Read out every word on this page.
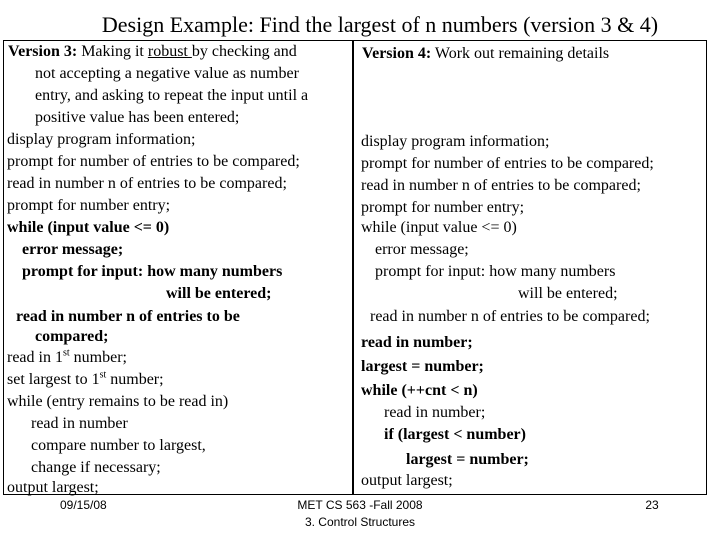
Design Example: Find the largest of n numbers (version 3 & 4)
Version 3: Making it robust by checking and
not accepting a negative value as number
entry, and asking to repeat the input until a
positive value has been entered;
display program information;
prompt for number of entries to be compared;
read in number n of entries to be compared;
prompt for number entry;
while (input value <= 0)
error message;
prompt for input: how many numbers
will be entered;
read in number n of entries to be
compared;
read in 1st number;
set largest to 1st number;
while (entry remains to be read in)
read in number
compare number to largest,
change if necessary;
output largest;
Version 4: Work out remaining details
display program information;
prompt for number of entries to be compared;
read in number n of entries to be compared;
prompt for number entry;
while (input value <= 0)
error message;
prompt for input: how many numbers
will be entered;
read in number n of entries to be compared;
read in number;
largest = number;
while (++cnt < n)
read in number;
if (largest < number)
largest = number;
output largest;
09/15/08	MET CS 563 -Fall 2008
3. Control Structures
23
